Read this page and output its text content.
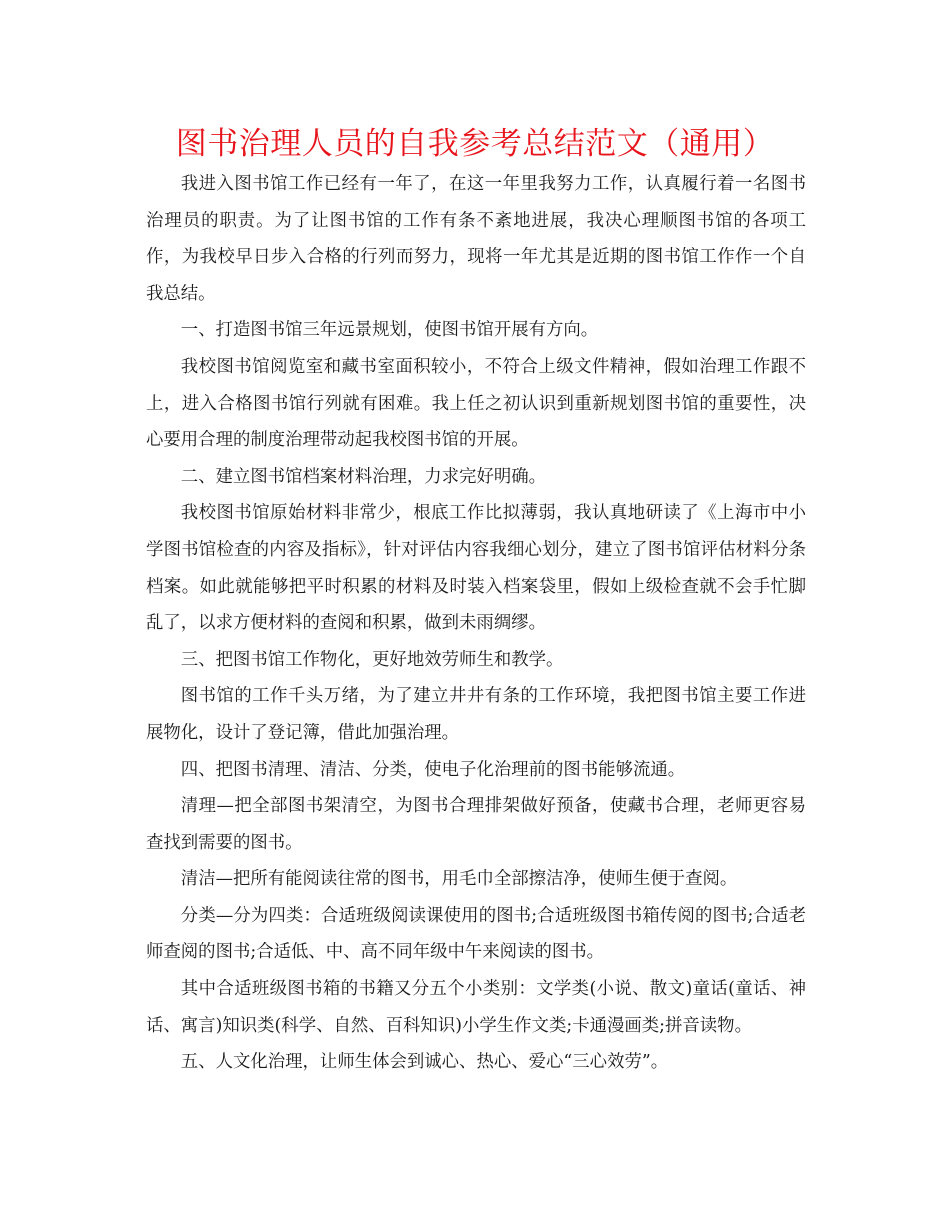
图书治理人员的自我参考总结范文（通用）

我进入图书馆工作已经有一年了，在这一年里我努力工作，认真履行着一名图书治理员的职责。为了让图书馆的工作有条不紊地进展，我决心理顺图书馆的各项工作，为我校早日步入合格的行列而努力，现将一年尤其是近期的图书馆工作作一个自我总结。

一、打造图书馆三年远景规划，使图书馆开展有方向。

我校图书馆阅览室和藏书室面积较小，不符合上级文件精神，假如治理工作跟不上，进入合格图书馆行列就有困难。我上任之初认识到重新规划图书馆的重要性，决心要用合理的制度治理带动起我校图书馆的开展。

二、建立图书馆档案材料治理，力求完好明确。

我校图书馆原始材料非常少，根底工作比拟薄弱，我认真地研读了《上海市中小学图书馆检查的内容及指标》，针对评估内容我细心划分，建立了图书馆评估材料分条档案。如此就能够把平时积累的材料及时装入档案袋里，假如上级检查就不会手忙脚乱了，以求方便材料的查阅和积累，做到未雨绸缪。

三、把图书馆工作物化，更好地效劳师生和教学。

图书馆的工作千头万绪，为了建立井井有条的工作环境，我把图书馆主要工作进展物化，设计了登记簿，借此加强治理。

四、把图书清理、清洁、分类，使电子化治理前的图书能够流通。

清理—把全部图书架清空，为图书合理排架做好预备，使藏书合理，老师更容易查找到需要的图书。

清洁—把所有能阅读往常的图书，用毛巾全部擦洁净，使师生便于查阅。

分类—分为四类：合适班级阅读课使用的图书;合适班级图书箱传阅的图书;合适老师查阅的图书;合适低、中、高不同年级中午来阅读的图书。

其中合适班级图书箱的书籍又分五个小类别：文学类(小说、散文)童话(童话、神话、寓言)知识类(科学、自然、百科知识)小学生作文类;卡通漫画类;拼音读物。

五、人文化治理，让师生体会到诚心、热心、爱心“三心效劳”。
